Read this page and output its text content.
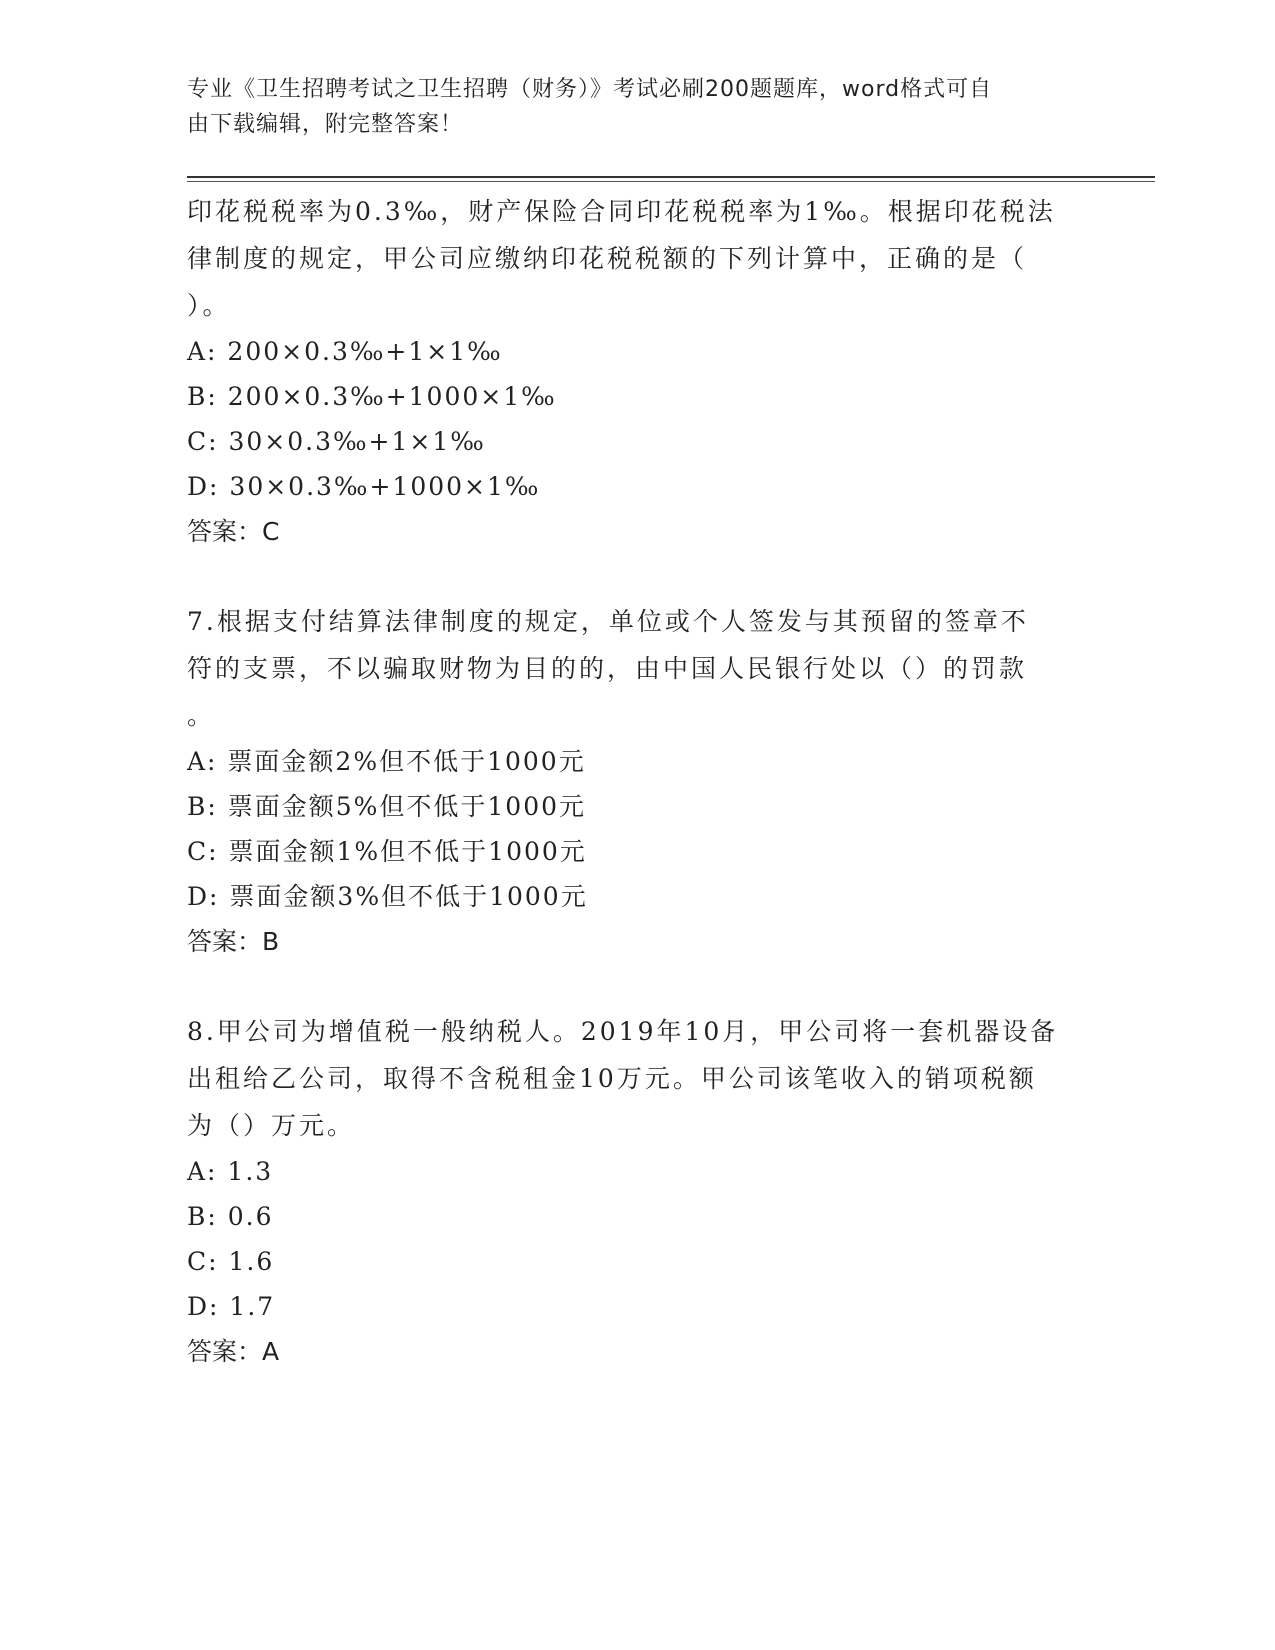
专业《卫生招聘考试之卫生招聘（财务）》考试必刷200题题库，word格式可自
由下载编辑，附完整答案！
印花税税率为0.3‰，财产保险合同印花税税率为1‰。根据印花税法
律制度的规定，甲公司应缴纳印花税税额的下列计算中，正确的是（
）。
A: 200×0.3‰+1×1‰
B: 200×0.3‰+1000×1‰
C: 30×0.3‰+1×1‰
D: 30×0.3‰+1000×1‰
答案：C
7.根据支付结算法律制度的规定，单位或个人签发与其预留的签章不
符的支票，不以骗取财物为目的的，由中国人民银行处以（）的罚款
。
A: 票面金额2%但不低于1000元
B: 票面金额5%但不低于1000元
C: 票面金额1%但不低于1000元
D: 票面金额3%但不低于1000元
答案：B
8.甲公司为增值税一般纳税人。2019年10月，甲公司将一套机器设备
出租给乙公司，取得不含税租金10万元。甲公司该笔收入的销项税额
为（）万元。
A: 1.3
B: 0.6
C: 1.6
D: 1.7
答案：A
